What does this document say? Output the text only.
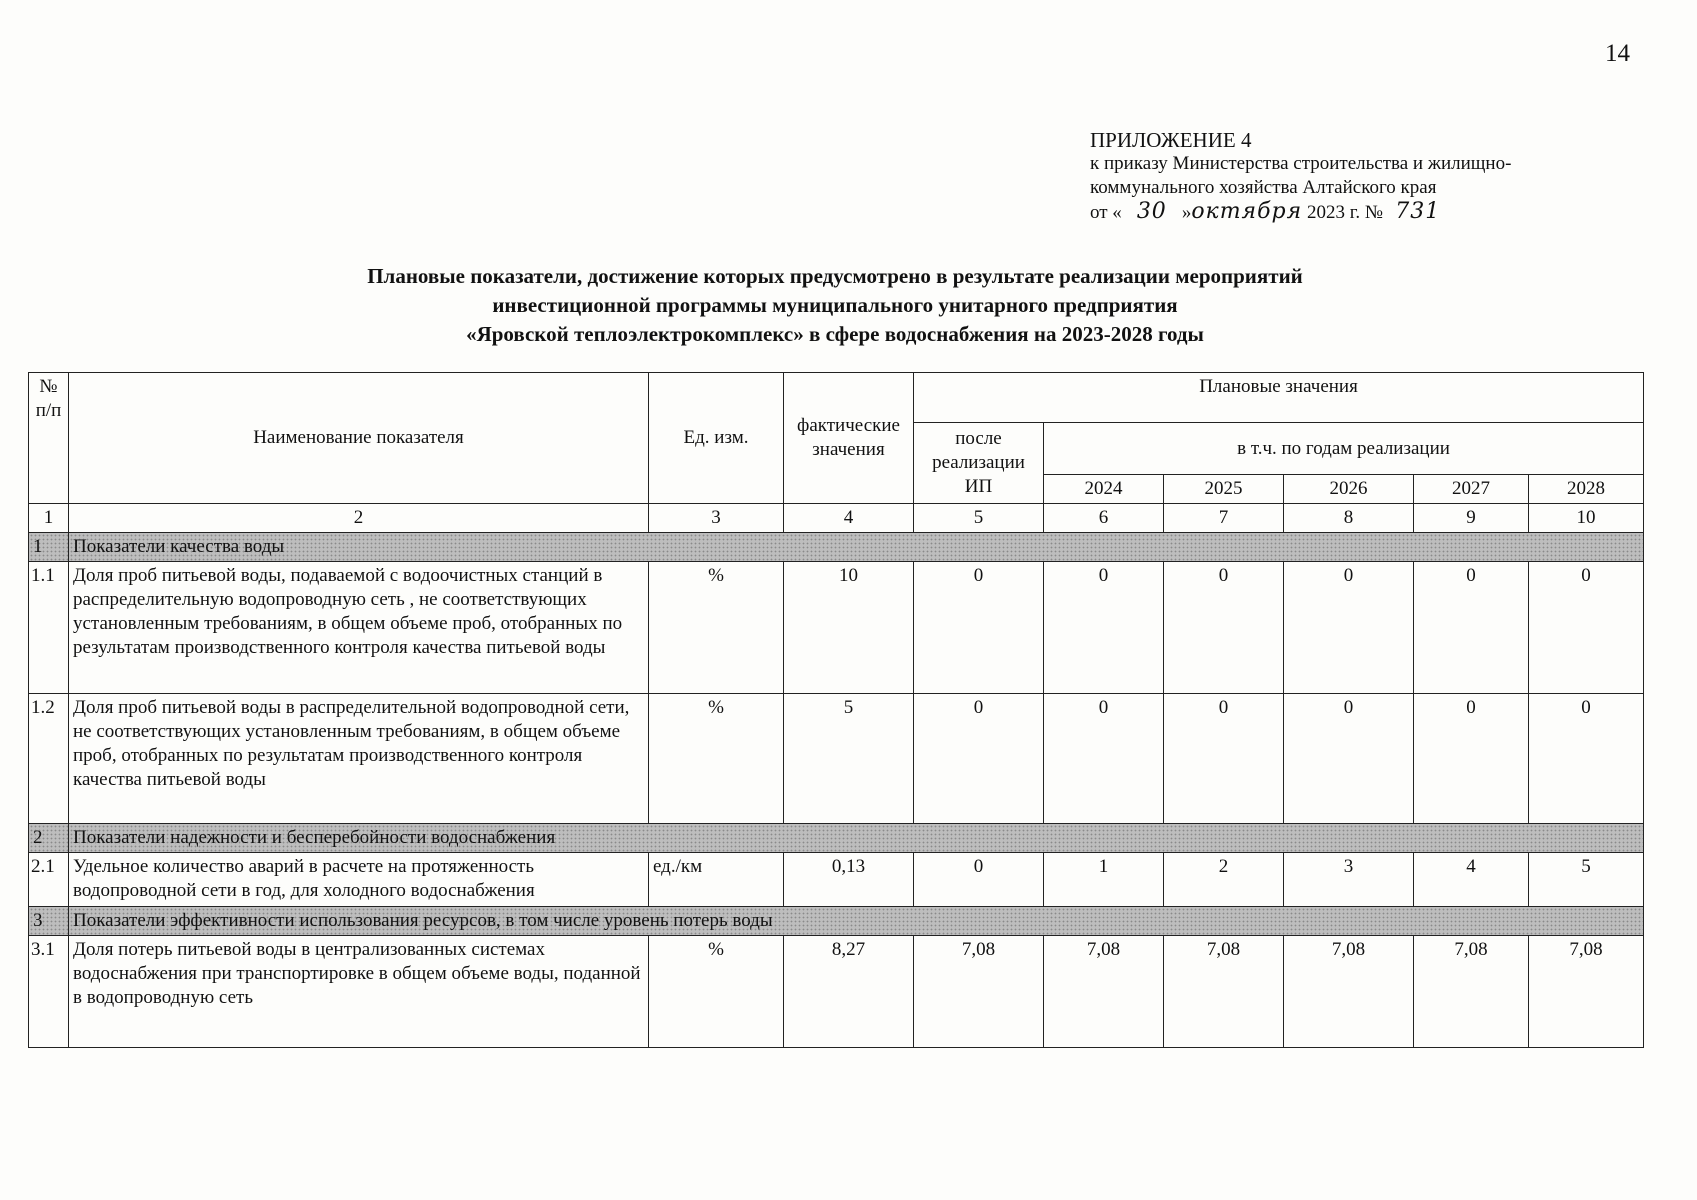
14
ПРИЛОЖЕНИЕ 4
к приказу Министерства строительства и жилищно-
коммунального хозяйства Алтайского края
от « 30 »октября 2023 г. № 731
Плановые показатели, достижение которых предусмотрено в результате реализации мероприятий
инвестиционной программы муниципального унитарного предприятия
«Яровской теплоэлектрокомплекс» в сфере водоснабжения на 2023-2028 годы
№ п/п	Наименование показателя	Ед. изм.	фактические значения	Плановые значения					
				после реализации ИП	в т.ч. по годам реализации				
					2024	2025	2026	2027	2028
1	2	3	4	5	6	7	8	9	10
1	Показатели качества воды								
1.1	Доля проб питьевой воды, подаваемой с водоочистных станций в распределительную водопроводную сеть , не соответствующих установленным требованиям, в общем объеме проб, отобранных по результатам производственного контроля качества питьевой воды	%	10	0	0	0	0	0	0
1.2	Доля проб питьевой воды в распределительной водопроводной сети, не соответствующих установленным требованиям, в общем объеме проб, отобранных по результатам производственного контроля качества питьевой воды	%	5	0	0	0	0	0	0
2	Показатели надежности и бесперебойности водоснабжения								
2.1	Удельное количество аварий в расчете на протяженность водопроводной сети в год, для холодного водоснабжения	ед./км	0,13	0	1	2	3	4	5
3	Показатели эффективности использования ресурсов, в том числе уровень потерь воды								
3.1	Доля потерь питьевой воды в централизованных системах водоснабжения при транспортировке в общем объеме воды, поданной в водопроводную сеть	%	8,27	7,08	7,08	7,08	7,08	7,08	7,08
